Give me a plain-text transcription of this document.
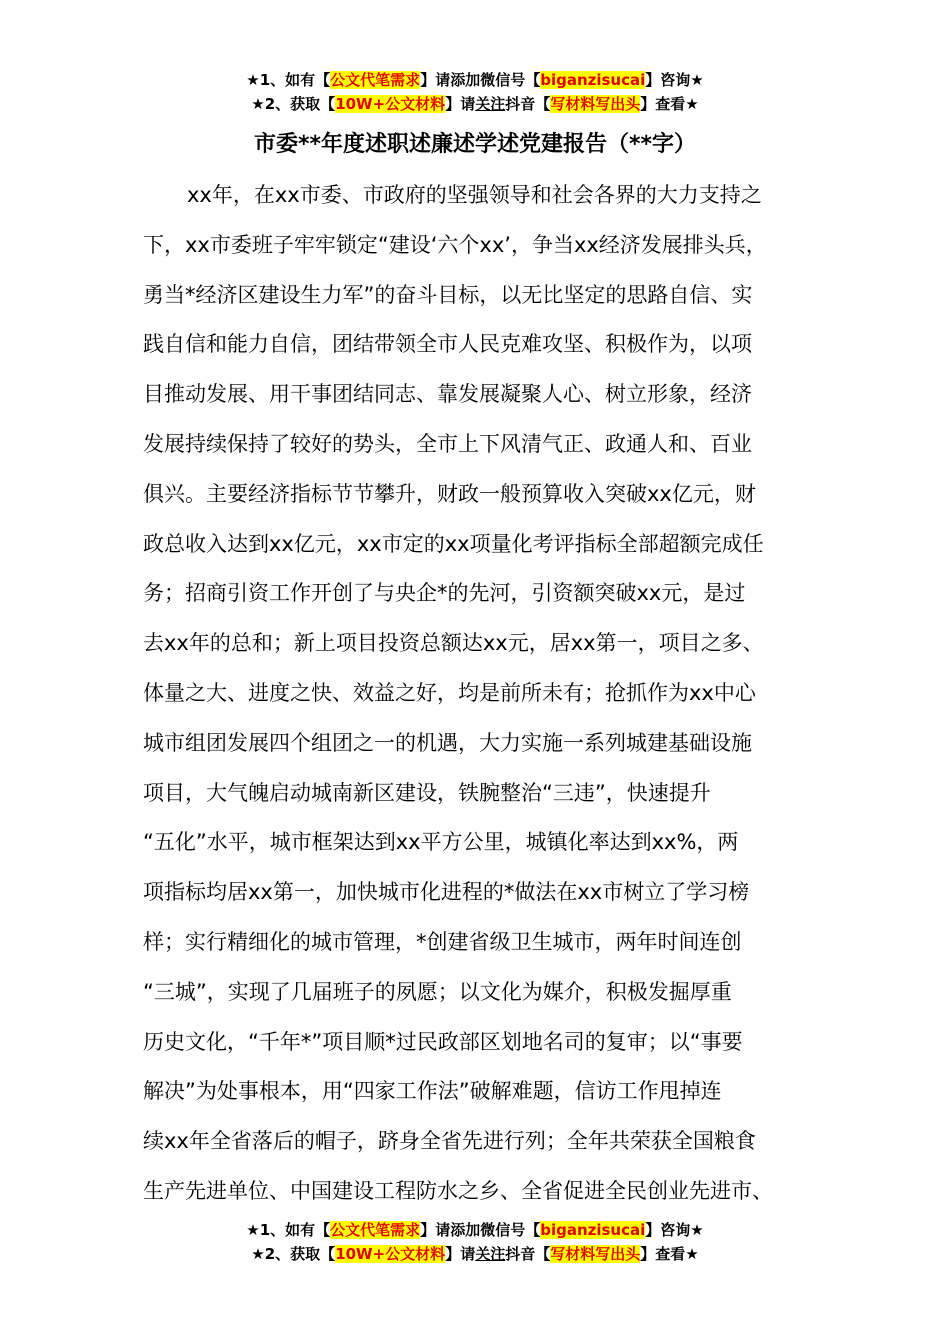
★1、如有【公文代笔需求】请添加微信号【biganzisucai】咨询★
★2、获取【10W+公文材料】请关注抖音【写材料写出头】查看★
市委**年度述职述廉述学述党建报告（**字）
xx年，在xx市委、市政府的坚强领导和社会各界的大力支持之
下，xx市委班子牢牢锁定“建设‘六个xx’，争当xx经济发展排头兵，
勇当*经济区建设生力军”的奋斗目标，以无比坚定的思路自信、实
践自信和能力自信，团结带领全市人民克难攻坚、积极作为，以项
目推动发展、用干事团结同志、靠发展凝聚人心、树立形象，经济
发展持续保持了较好的势头，全市上下风清气正、政通人和、百业
俱兴。主要经济指标节节攀升，财政一般预算收入突破xx亿元，财
政总收入达到xx亿元，xx市定的xx项量化考评指标全部超额完成任
务；招商引资工作开创了与央企*的先河，引资额突破xx元，是过
去xx年的总和；新上项目投资总额达xx元，居xx第一，项目之多、
体量之大、进度之快、效益之好，均是前所未有；抢抓作为xx中心
城市组团发展四个组团之一的机遇，大力实施一系列城建基础设施
项目，大气魄启动城南新区建设，铁腕整治“三违”，快速提升
“五化”水平，城市框架达到xx平方公里，城镇化率达到xx%，两
项指标均居xx第一，加快城市化进程的*做法在xx市树立了学习榜
样；实行精细化的城市管理，*创建省级卫生城市，两年时间连创
“三城”，实现了几届班子的夙愿；以文化为媒介，积极发掘厚重
历史文化，“千年*”项目顺*过民政部区划地名司的复审；以“事要
解决”为处事根本，用“四家工作法”破解难题，信访工作甩掉连
续xx年全省落后的帽子，跻身全省先进行列；全年共荣获全国粮食
生产先进单位、中国建设工程防水之乡、全省促进全民创业先进市、
★1、如有【公文代笔需求】请添加微信号【biganzisucai】咨询★
★2、获取【10W+公文材料】请关注抖音【写材料写出头】查看★
